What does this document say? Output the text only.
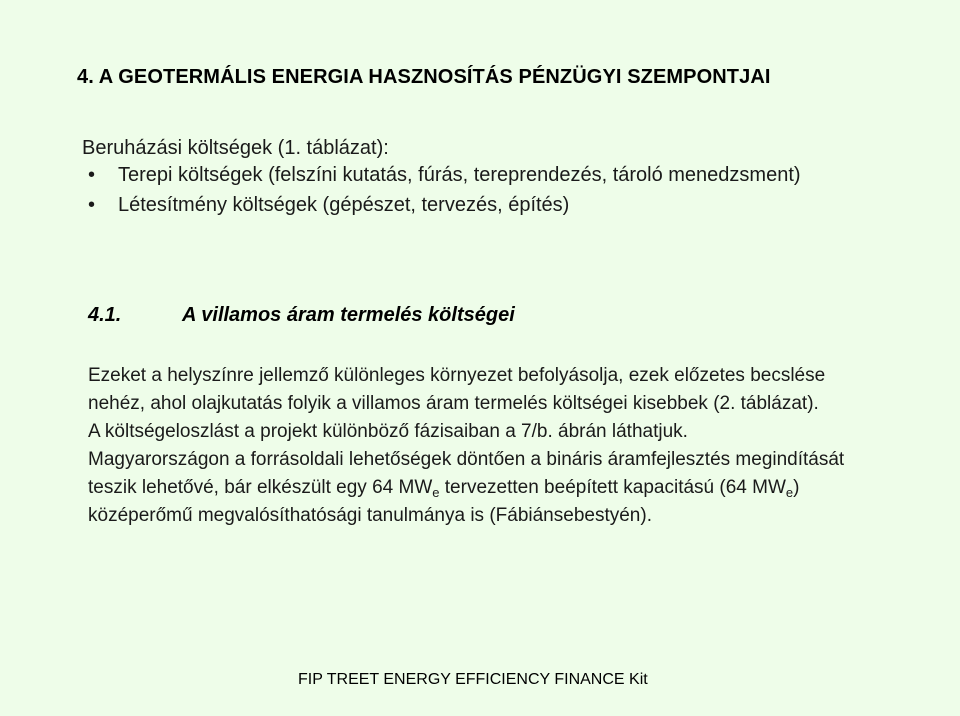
4. A GEOTERMÁLIS ENERGIA HASZNOSÍTÁS PÉNZÜGYI SZEMPONTJAI
Beruházási költségek (1. táblázat):
• Terepi költségek (felszíni kutatás, fúrás, tereprendezés, tároló menedzsment)
• Létesítmény költségek (gépészet, tervezés, építés)
4.1.	A villamos áram termelés költségei

Ezeket a helyszínre jellemző különleges környezet befolyásolja, ezek előzetes becslése nehéz, ahol olajkutatás folyik a villamos áram termelés költségei kisebbek (2. táblázat).

A költségeloszlást a projekt különböző fázisaiban a 7/b. ábrán láthatjuk.

Magyarországon a forrásoldali lehetőségek döntően a bináris áramfejlesztés megindítását teszik lehetővé, bár elkészült egy 64 $MW_e$ tervezetten beépített kapacitású (64 $MW_e$) középerőmű megvalósíthatósági tanulmánya is (Fábiánsebestyén).

FIP TREET ENERGY EFFICIENCY FINANCE Kit
